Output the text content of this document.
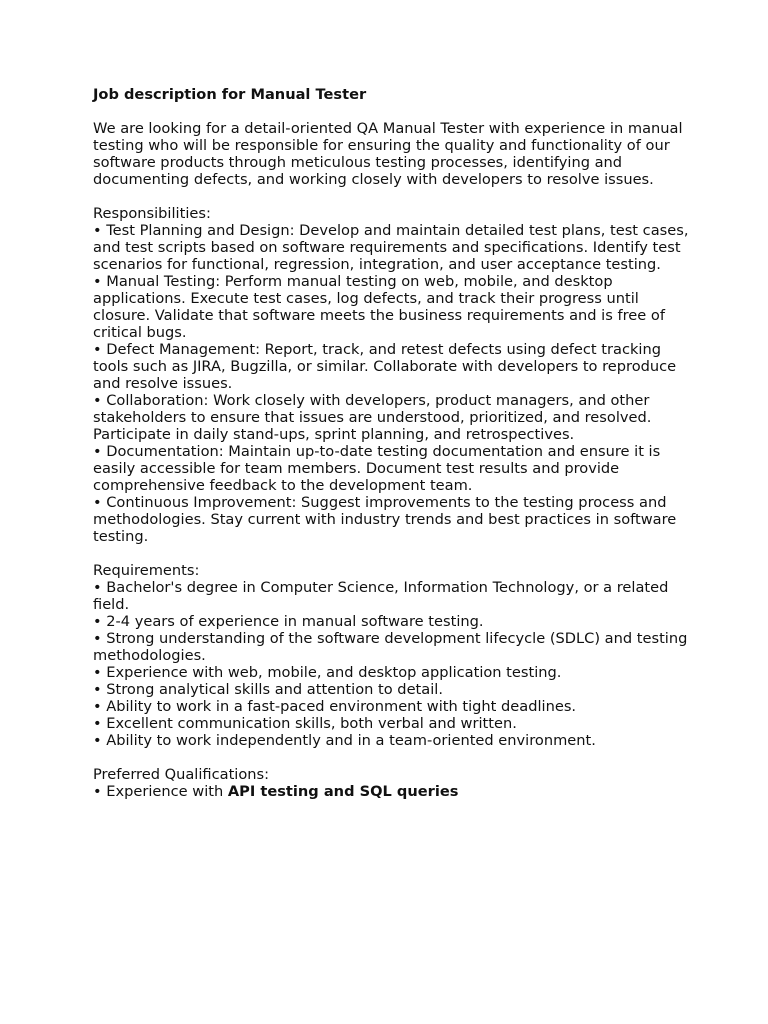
Job description for Manual Tester

We are looking for a detail-oriented QA Manual Tester with experience in manual testing who will be responsible for ensuring the quality and functionality of our software products through meticulous testing processes, identifying and documenting defects, and working closely with developers to resolve issues.

Responsibilities:

• Test Planning and Design: Develop and maintain detailed test plans, test cases, and test scripts based on software requirements and specifications. Identify test scenarios for functional, regression, integration, and user acceptance testing.
• Manual Testing: Perform manual testing on web, mobile, and desktop applications. Execute test cases, log defects, and track their progress until closure. Validate that software meets the business requirements and is free of critical bugs.
• Defect Management: Report, track, and retest defects using defect tracking tools such as JIRA, Bugzilla, or similar. Collaborate with developers to reproduce and resolve issues.
• Collaboration: Work closely with developers, product managers, and other stakeholders to ensure that issues are understood, prioritized, and resolved. Participate in daily stand-ups, sprint planning, and retrospectives.
• Documentation: Maintain up-to-date testing documentation and ensure it is easily accessible for team members. Document test results and provide comprehensive feedback to the development team.
• Continuous Improvement: Suggest improvements to the testing process and methodologies. Stay current with industry trends and best practices in software testing.

Requirements:

• Bachelor's degree in Computer Science, Information Technology, or a related field.
• 2-4 years of experience in manual software testing.
• Strong understanding of the software development lifecycle (SDLC) and testing methodologies.
• Experience with web, mobile, and desktop application testing.
• Strong analytical skills and attention to detail.
• Ability to work in a fast-paced environment with tight deadlines.
• Excellent communication skills, both verbal and written.
• Ability to work independently and in a team-oriented environment.

Preferred Qualifications:

• Experience with API testing and SQL queries
